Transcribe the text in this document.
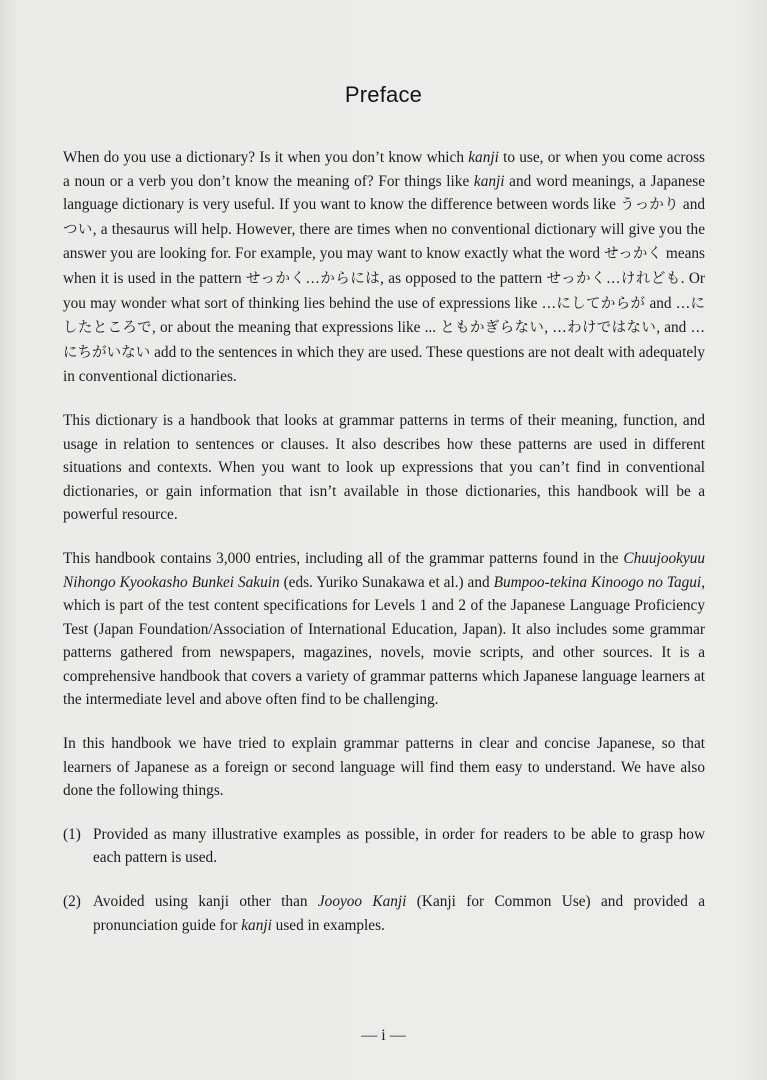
Preface

When do you use a dictionary? Is it when you don’t know which kanji to use, or when you come across a noun or a verb you don’t know the meaning of? For things like kanji and word meanings, a Japanese language dictionary is very useful. If you want to know the difference between words like うっかり and つい, a thesaurus will help. However, there are times when no conventional dictionary will give you the answer you are looking for. For example, you may want to know exactly what the word せっかく means when it is used in the pattern せっかく…からには, as opposed to the pattern せっかく…けれども. Or you may wonder what sort of thinking lies behind the use of expressions like …にしてからが and …にしたところで, or about the meaning that expressions like ... ともかぎらない, …わけではない, and …にちがいない add to the sentences in which they are used. These questions are not dealt with adequately in conventional dictionaries.

This dictionary is a handbook that looks at grammar patterns in terms of their meaning, function, and usage in relation to sentences or clauses. It also describes how these patterns are used in different situations and contexts. When you want to look up expressions that you can’t find in conventional dictionaries, or gain information that isn’t available in those dictionaries, this handbook will be a powerful resource.

This handbook contains 3,000 entries, including all of the grammar patterns found in the Chuujookyuu Nihongo Kyookasho Bunkei Sakuin (eds. Yuriko Sunakawa et al.) and Bumpoo-tekina Kinoogo no Tagui, which is part of the test content specifications for Levels 1 and 2 of the Japanese Language Proficiency Test (Japan Foundation/Association of International Education, Japan). It also includes some grammar patterns gathered from newspapers, magazines, novels, movie scripts, and other sources. It is a comprehensive handbook that covers a variety of grammar patterns which Japanese language learners at the intermediate level and above often find to be challenging.

In this handbook we have tried to explain grammar patterns in clear and concise Japanese, so that learners of Japanese as a foreign or second language will find them easy to understand. We have also done the following things.

(1) Provided as many illustrative examples as possible, in order for readers to be able to grasp how each pattern is used.
(2) Avoided using kanji other than Jooyoo Kanji (Kanji for Common Use) and provided a pronunciation guide for kanji used in examples.
— i —
